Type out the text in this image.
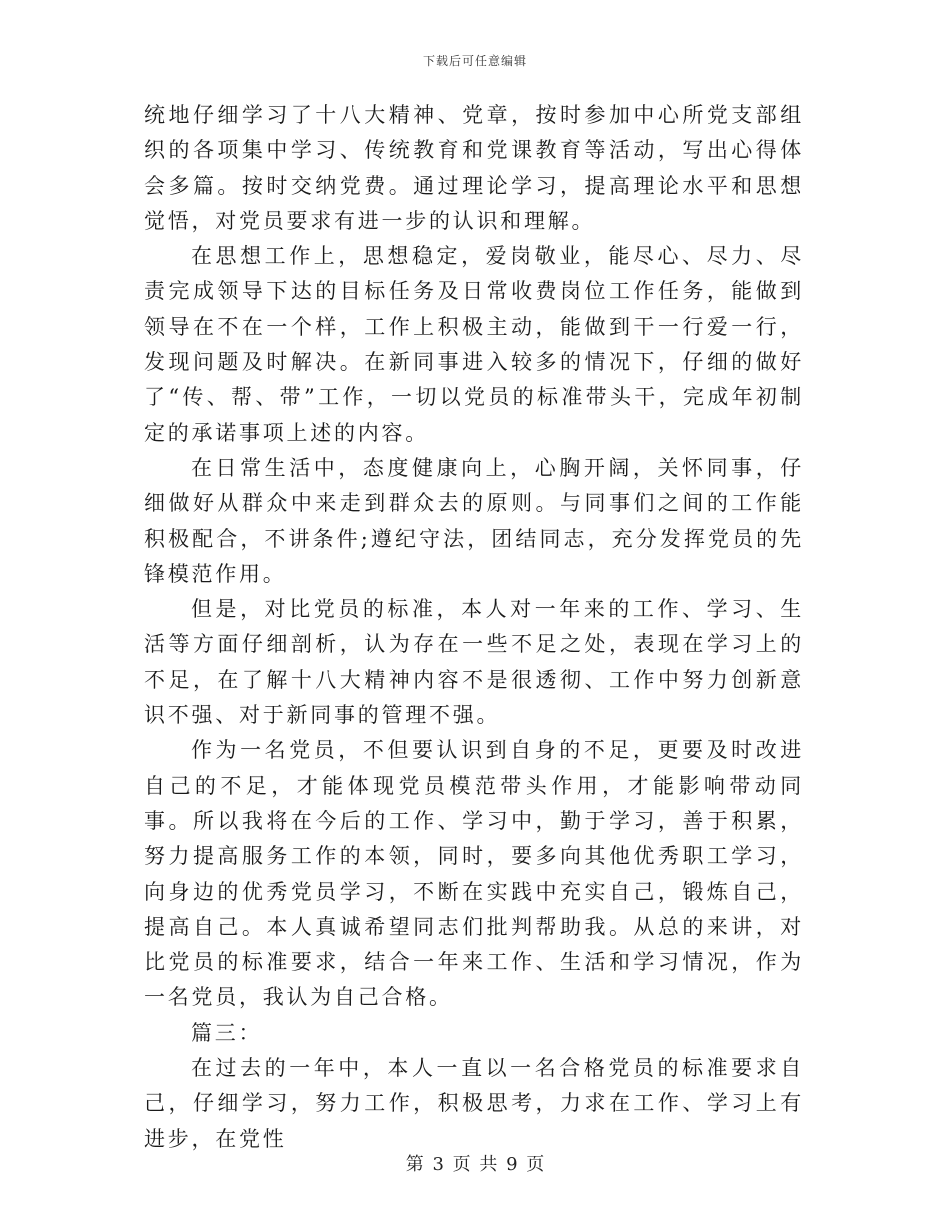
下载后可任意编辑

统地仔细学习了十八大精神、党章，按时参加中心所党支部组织的各项集中学习、传统教育和党课教育等活动，写出心得体会多篇。按时交纳党费。通过理论学习，提高理论水平和思想觉悟，对党员要求有进一步的认识和理解。

在思想工作上，思想稳定，爱岗敬业，能尽心、尽力、尽责完成领导下达的目标任务及日常收费岗位工作任务，能做到领导在不在一个样，工作上积极主动，能做到干一行爱一行，发现问题及时解决。在新同事进入较多的情况下，仔细的做好了“传、帮、带”工作，一切以党员的标准带头干，完成年初制定的承诺事项上述的内容。

在日常生活中，态度健康向上，心胸开阔，关怀同事，仔细做好从群众中来走到群众去的原则。与同事们之间的工作能积极配合，不讲条件;遵纪守法，团结同志，充分发挥党员的先锋模范作用。

但是，对比党员的标准，本人对一年来的工作、学习、生活等方面仔细剖析，认为存在一些不足之处，表现在学习上的不足，在了解十八大精神内容不是很透彻、工作中努力创新意识不强、对于新同事的管理不强。

作为一名党员，不但要认识到自身的不足，更要及时改进自己的不足，才能体现党员模范带头作用，才能影响带动同事。所以我将在今后的工作、学习中，勤于学习，善于积累，努力提高服务工作的本领，同时，要多向其他优秀职工学习，向身边的优秀党员学习，不断在实践中充实自己，锻炼自己，提高自己。本人真诚希望同志们批判帮助我。从总的来讲，对比党员的标准要求，结合一年来工作、生活和学习情况，作为一名党员，我认为自己合格。

篇三：

在过去的一年中，本人一直以一名合格党员的标准要求自己，仔细学习，努力工作，积极思考，力求在工作、学习上有进步，在党性

第 3 页 共 9 页
